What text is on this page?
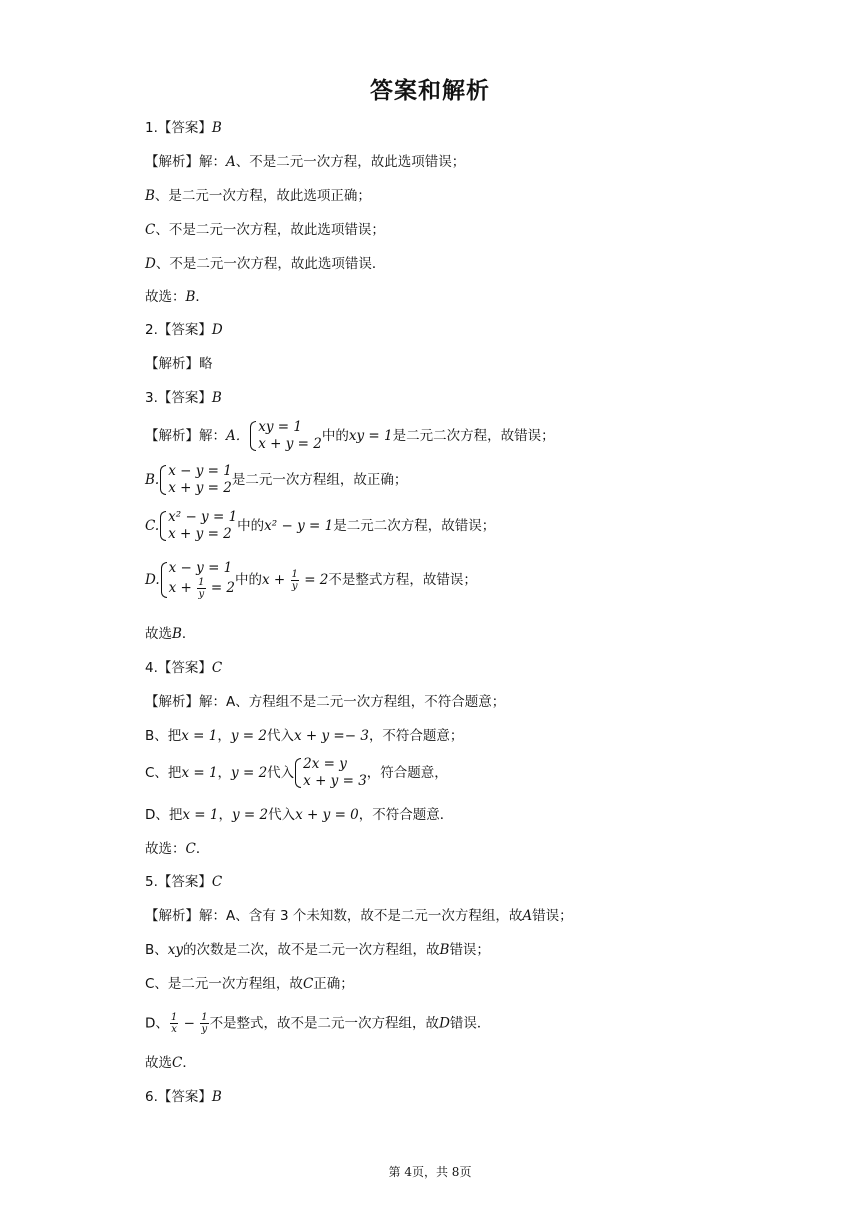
答案和解析
1.【答案】B
【解析】解：A、不是二元一次方程，故此选项错误；
B、是二元一次方程，故此选项正确；
C、不是二元一次方程，故此选项错误；
D、不是二元一次方程，故此选项错误．
故选：B．
2.【答案】D
【解析】略
3.【答案】B
【解析】解：A．
xy = 1
x + y = 2 中的xy = 1是二元二次方程，故错误；
B.
x − y = 1
x + y = 2 是二元一次方程组，故正确；
C.
x² − y = 1
x + y = 2 中的x² − y = 1是二元二次方程，故错误；
D.
x − y = 1
$x + \frac{1}{y} = 2$ 中的$x + \frac{1}{y} = 2$不是整式方程，故错误；
故选B．
4.【答案】C
【解析】解：A、方程组不是二元一次方程组，不符合题意；
B、把x = 1，y = 2代入x + y =− 3，不符合题意；
C、把x = 1，y = 2代入
2x = y
x + y = 3 ，符合题意，
D、把x = 1，y = 2代入x + y = 0，不符合题意．
故选：C．
5.【答案】C
【解析】解：A、含有 3 个未知数，故不是二元一次方程组，故A错误；
B、xy的次数是二次，故不是二元一次方程组，故B错误；
C、是二元一次方程组，故C正确；
D、 $\frac{1}{x} - \frac{1}{y}$ 不是整式，故不是二元一次方程组，故D错误．
故选C．
6.【答案】B
第 4页，共 8页
